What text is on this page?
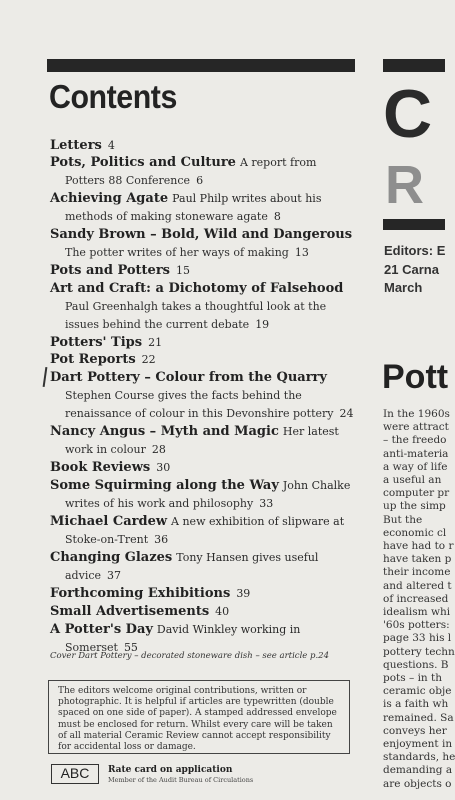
Contents
Letters 4
Pots, Politics and Culture A report from
Potters 88 Conference 6
Achieving Agate Paul Philp writes about his
methods of making stoneware agate 8
Sandy Brown – Bold, Wild and Dangerous
The potter writes of her ways of making 13
Pots and Potters 15
Art and Craft: a Dichotomy of Falsehood
Paul Greenhalgh takes a thoughtful look at the
issues behind the current debate 19
Potters' Tips 21
Pot Reports 22
Dart Pottery – Colour from the Quarry
Stephen Course gives the facts behind the
renaissance of colour in this Devonshire pottery 24
Nancy Angus – Myth and Magic Her latest
work in colour 28
Book Reviews 30
Some Squirming along the Way John Chalke
writes of his work and philosophy 33
Michael Cardew A new exhibition of slipware at
Stoke-on-Trent 36
Changing Glazes Tony Hansen gives useful
advice 37
Forthcoming Exhibitions 39
Small Advertisements 40
A Potter's Day David Winkley working in
Somerset 55
Cover Dart Pottery – decorated stoneware dish – see article p.24
The editors welcome original contributions, written or photographic. It is helpful if articles are typewritten (double spaced on one side of paper). A stamped addressed envelope must be enclosed for return. Whilst every care will be taken of all material Ceramic Review cannot accept responsibility for accidental loss or damage.
ABC	Rate card on application
Member of the Audit Bureau of Circulations
C
R
Editors: E
21 Carna
March
Pott
In the 1960s
were attract
– the freedo
anti-materia
a way of life
a useful an
computer pr
up the simp
But the
economic cl
have had to r
have taken p
their income
and altered t
of increased
idealism whi
'60s potters:
page 33 his l
pottery techn
questions. B
pots – in th
ceramic obje
is a faith wh
remained. Sa
conveys her
enjoyment in
standards, he
demanding a
are objects o
